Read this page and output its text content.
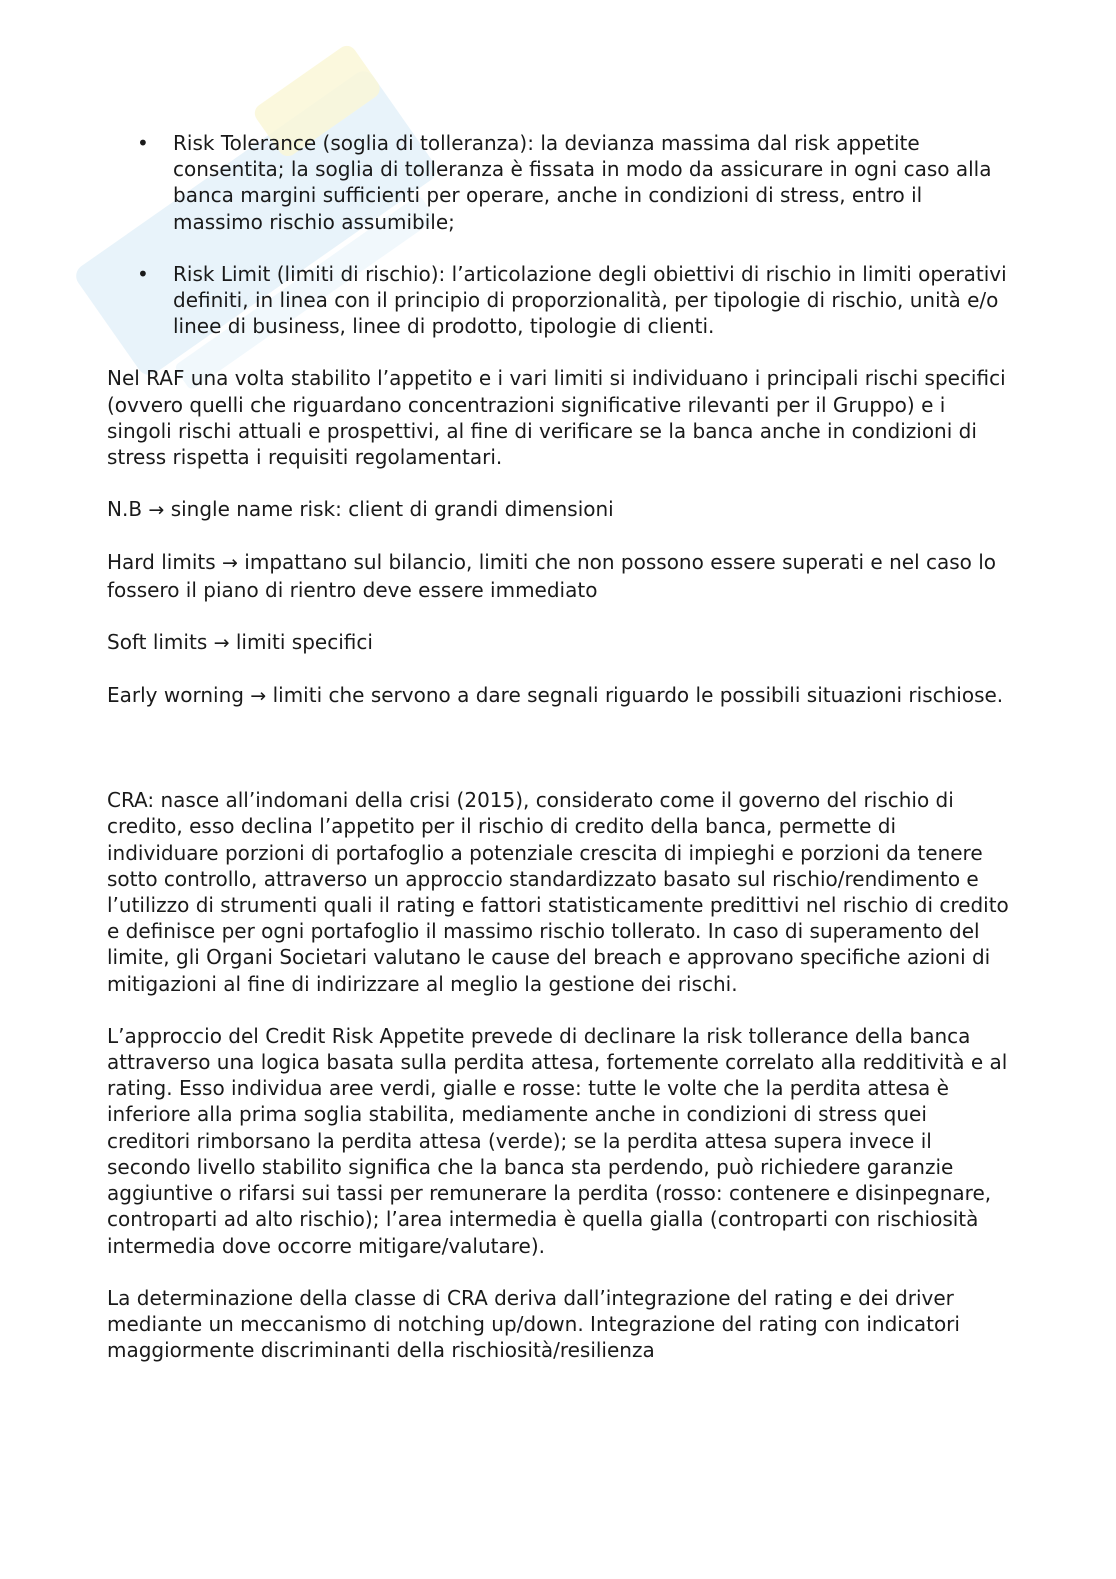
• Risk Tolerance (soglia di tolleranza): la devianza massima dal risk appetite consentita; la soglia di tolleranza è fissata in modo da assicurare in ogni caso alla banca margini sufficienti per operare, anche in condizioni di stress, entro il massimo rischio assumibile;
• Risk Limit (limiti di rischio): l’articolazione degli obiettivi di rischio in limiti operativi definiti, in linea con il principio di proporzionalità, per tipologie di rischio, unità e/o linee di business, linee di prodotto, tipologie di clienti.

Nel RAF una volta stabilito l’appetito e i vari limiti si individuano i principali rischi specifici (ovvero quelli che riguardano concentrazioni significative rilevanti per il Gruppo) e i singoli rischi attuali e prospettivi, al fine di verificare se la banca anche in condizioni di stress rispetta i requisiti regolamentari.

N.B → single name risk: client di grandi dimensioni

Hard limits → impattano sul bilancio, limiti che non possono essere superati e nel caso lo fossero il piano di rientro deve essere immediato

Soft limits → limiti specifici

Early worning → limiti che servono a dare segnali riguardo le possibili situazioni rischiose.

CRA: nasce all’indomani della crisi (2015), considerato come il governo del rischio di credito, esso declina l’appetito per il rischio di credito della banca, permette di individuare porzioni di portafoglio a potenziale crescita di impieghi e porzioni da tenere sotto controllo, attraverso un approccio standardizzato basato sul rischio/rendimento e l’utilizzo di strumenti quali il rating e fattori statisticamente predittivi nel rischio di credito e definisce per ogni portafoglio il massimo rischio tollerato. In caso di superamento del limite, gli Organi Societari valutano le cause del breach e approvano specifiche azioni di mitigazioni al fine di indirizzare al meglio la gestione dei rischi.

L’approccio del Credit Risk Appetite prevede di declinare la risk tollerance della banca attraverso una logica basata sulla perdita attesa, fortemente correlato alla redditività e al rating. Esso individua aree verdi, gialle e rosse: tutte le volte che la perdita attesa è inferiore alla prima soglia stabilita, mediamente anche in condizioni di stress quei creditori rimborsano la perdita attesa (verde); se la perdita attesa supera invece il secondo livello stabilito significa che la banca sta perdendo, può richiedere garanzie aggiuntive o rifarsi sui tassi per remunerare la perdita (rosso: contenere e disinpegnare, controparti ad alto rischio); l’area intermedia è quella gialla (controparti con rischiosità intermedia dove occorre mitigare/valutare).

La determinazione della classe di CRA deriva dall’integrazione del rating e dei driver mediante un meccanismo di notching up/down. Integrazione del rating con indicatori maggiormente discriminanti della rischiosità/resilienza
